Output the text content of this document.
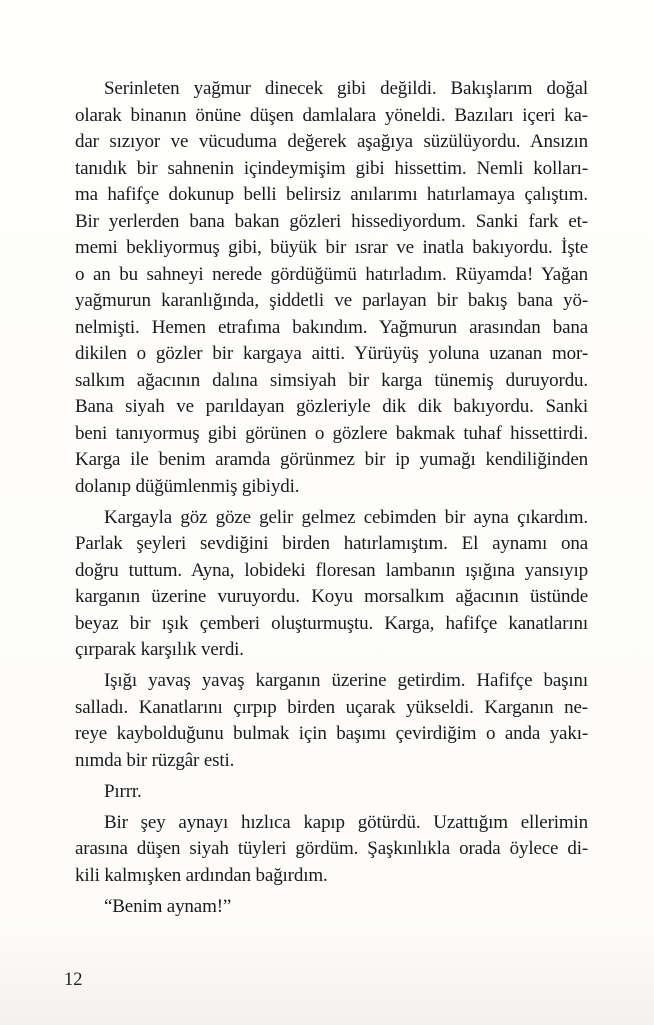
Serinleten yağmur dinecek gibi değildi. Bakışlarım doğal
olarak binanın önüne düşen damlalara yöneldi. Bazıları içeri ka-
dar sızıyor ve vücuduma değerek aşağıya süzülüyordu. Ansızın
tanıdık bir sahnenin içindeymişim gibi hissettim. Nemli kolları-
ma hafifçe dokunup belli belirsiz anılarımı hatırlamaya çalıştım.
Bir yerlerden bana bakan gözleri hissediyordum. Sanki fark et-
memi bekliyormuş gibi, büyük bir ısrar ve inatla bakıyordu. İşte
o an bu sahneyi nerede gördüğümü hatırladım. Rüyamda! Yağan
yağmurun karanlığında, şiddetli ve parlayan bir bakış bana yö-
nelmişti. Hemen etrafıma bakındım. Yağmurun arasından bana
dikilen o gözler bir kargaya aitti. Yürüyüş yoluna uzanan mor-
salkım ağacının dalına simsiyah bir karga tünemiş duruyordu.
Bana siyah ve parıldayan gözleriyle dik dik bakıyordu. Sanki
beni tanıyormuş gibi görünen o gözlere bakmak tuhaf hissettirdi.
Karga ile benim aramda görünmez bir ip yumağı kendiliğinden
dolanıp düğümlenmiş gibiydi.

Kargayla göz göze gelir gelmez cebimden bir ayna çıkardım.
Parlak şeyleri sevdiğini birden hatırlamıştım. El aynamı ona
doğru tuttum. Ayna, lobideki floresan lambanın ışığına yansıyıp
karganın üzerine vuruyordu. Koyu morsalkım ağacının üstünde
beyaz bir ışık çemberi oluşturmuştu. Karga, hafifçe kanatlarını
çırparak karşılık verdi.

Işığı yavaş yavaş karganın üzerine getirdim. Hafifçe başını
salladı. Kanatlarını çırpıp birden uçarak yükseldi. Karganın ne-
reye kaybolduğunu bulmak için başımı çevirdiğim o anda yakı-
nımda bir rüzgâr esti.

Pırrr.

Bir şey aynayı hızlıca kapıp götürdü. Uzattığım ellerimin
arasına düşen siyah tüyleri gördüm. Şaşkınlıkla orada öylece di-
kili kalmışken ardından bağırdım.

“Benim aynam!”

12
